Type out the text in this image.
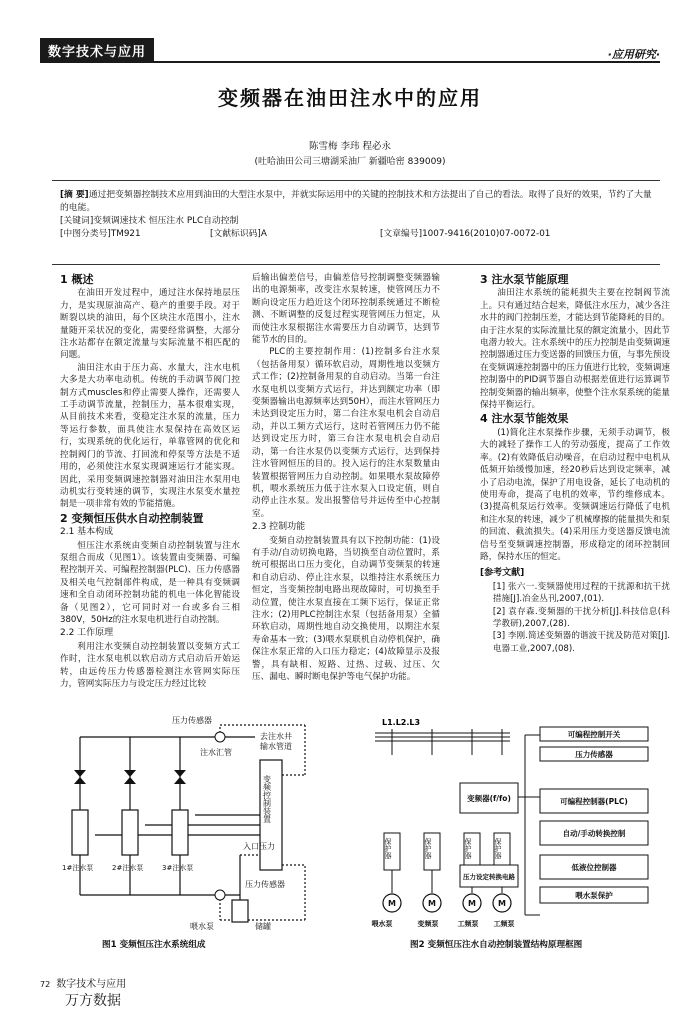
数字技术与应用	·应用研究·
变频器在油田注水中的应用
陈雪梅 李玮 程必永
(吐哈油田公司三塘湖采油厂 新疆哈密 839009)

[摘 要]通过把变频器控制技术应用到油田的大型注水泵中，并就实际运用中的关键的控制技术和方法提出了自己的看法。取得了良好的效果，节约了大量的电能。

[关键词]变频调速技术 恒压注水 PLC自动控制

[中图分类号]TM921	[文献标识码]A	[文章编号]1007-9416(2010)07-0072-01
1 概述

在油田开发过程中，通过注水保持地层压力，是实现原油高产、稳产的重要手段。对于断裂以块的油田，每个区块注水范围小，注水量随开采状况的变化，需要经常调整，大部分注水站都存在额定流量与实际流量不相匹配的问题。

油田注水由于压力高、水量大，注水电机大多是大功率电动机。传统的手动调节阀门控制方式muscles和停止需要人操作，还需要人工手动调节流量，控制压力，基本很难实现，从目前技术来看，变稳定注水泵的流量，压力等运行参数，面具使注水泵保持在高效区运行，实现系统的优化运行，单靠管网的优化和控制阀门的节流、打回流和停泵等方法是不适用的，必须使注水泵实现调速运行才能实现。因此，采用变频调速控制器对油田注水泵用电动机实行变转速的调节，实现注水泵变水量控制是一项非常有效的节能措施。

2 变频恒压供水自动控制装置
2.1 基本构成

恒压注水系统由变频自动控制装置与注水泵组合而成（见图1）。该装置由变频器、可编程控制开关、可编程控制器(PLC)、压力传感器及相关电气控制部件构成，是一种具有变频调速和全自动闭环控制功能的机电一体化智能设备（见图2），它可同时对一台或多台三相380V，50Hz的注水泵电机进行自动控制。

2.2 工作原理

利用注水变频自动控制装置以变频方式工作时，注水泵电机以软启动方式启动后开始运转，由远传压力传感器检测注水管网实际压力，管网实际压力与设定压力经过比较

后输出偏差信号，由偏差信号控制调整变频器输出的电源频率，改变注水泵转速，使管网压力不断向设定压力趋近这个闭环控制系统通过不断检测、不断调整的反复过程实现管网压力恒定，从而使注水泵根据注水需要压力自动调节，达到节能节水的目的。

PLC的主要控制作用：(1)控制多台注水泵（包括备用泵）循环软启动，周期性地以变频方式工作；(2)控制备用泵的自动启动。当第一台注水泵电机以变频方式运行，并达到额定功率（即变频器输出电源频率达到50H），而注水管网压力未达到设定压力时，第二台注水泵电机会自动启动，并以工频方式运行，这时若管网压力仍不能达到设定压力时，第三台注水泵电机会自动启动，第一台注水泵仍以变频方式运行，达到保持注水管网恒压的目的。投入运行的注水泵数量由装置根据管网压力自动控制。如果喂水泵故障停机，喂水系统压力低于注水泵入口设定值，则自动停止注水泵。发出报警信号并远传至中心控制室。

2.3 控制功能

变频自动控制装置具有以下控制功能：(1)设有手动/自动切换电路，当切换至自动位置时，系统可根据出口压力变化，自动调节变频泵的转速和自动启动、停止注水泵，以维持注水系统压力恒定，当变频控制电路出现故障时，可切换至手动位置，使注水泵直接在工频下运行，保证正常注水；(2)用PLC控制注水泵（包括备用泵）全循环软启动，周期性地自动交换使用，以期注水泵寿命基本一致；(3)喂水泵联机自动停机保护，确保注水泵正常的入口压力稳定；(4)故障显示及报警，具有缺相、短路、过热、过载、过压、欠压、漏电、瞬时断电保护等电气保护功能。

3 注水泵节能原理

油田注水系统的能耗损失主要在控制阀节流上。只有通过结合起来，降低注水压力，减少各注水井的阀门控制压差，才能达到节能降耗的目的。由于注水泵的实际流量比泵的额定流量小，因此节电潜力较大。注水系统中的压力控制是由变频调速控制器通过压力变送器的回馈压力值，与事先预设在变频调速控制器中的压力值进行比较，变频调速控制器中的PID调节器自动根据差值进行运算调节控制变频器的输出频率，使整个注水泵系统的能量保持平衡运行。

4 注水泵节能效果

(1)简化注水泵操作步骤，无须手动调节，极大的减轻了操作工人的劳动强度，提高了工作效率。(2)有效降低启动噪音，在启动过程中电机从低频开始缓慢加速，经20秒后达到设定频率，减小了启动电流，保护了用电设备，延长了电动机的使用寿命，提高了电机的效率，节约维修成本。(3)提高机泵运行效率。变频调速运行降低了电机和注水泵的转速，减少了机械摩擦的能量损失和泵的回流、截流损失。(4)采用压力变送器反馈电流信号至变频调速控制器，形成稳定的闭环控制回路，保持水压的恒定。

[参考文献]

[1] 张六一.变频器使用过程的干扰源和抗干扰措施[J].冶金丛刊,2007,(01).

[2] 袁存森.变频器的干扰分析[J].科技信息(科学教研),2007,(28).

[3] 李刚.简述变频器的谐波干扰及防范对策[J].电器工业,2007,(08).

压力传感器
去注水井
输水管道
注水汇管
入口压力
压力传感器
储罐
喂水泵
1#注水泵	2#注水泵	3#注水泵
变频控制装置
L1.L2.L3
保护器	保护器	保护器	保护器
M	M	M	M
喂水泵	变频泵	工频泵 工频泵
可编程控制开关
压力传感器
变频器(f/fo)	可编程控制器(PLC)
自动/手动转换控制
压力设定转换电路
低液位控制器
喂水泵保护
图1 变频恒压注水系统组成	图2 变频恒压注水自动控制装置结构原理框图
72 数字技术与应用
万方数据
